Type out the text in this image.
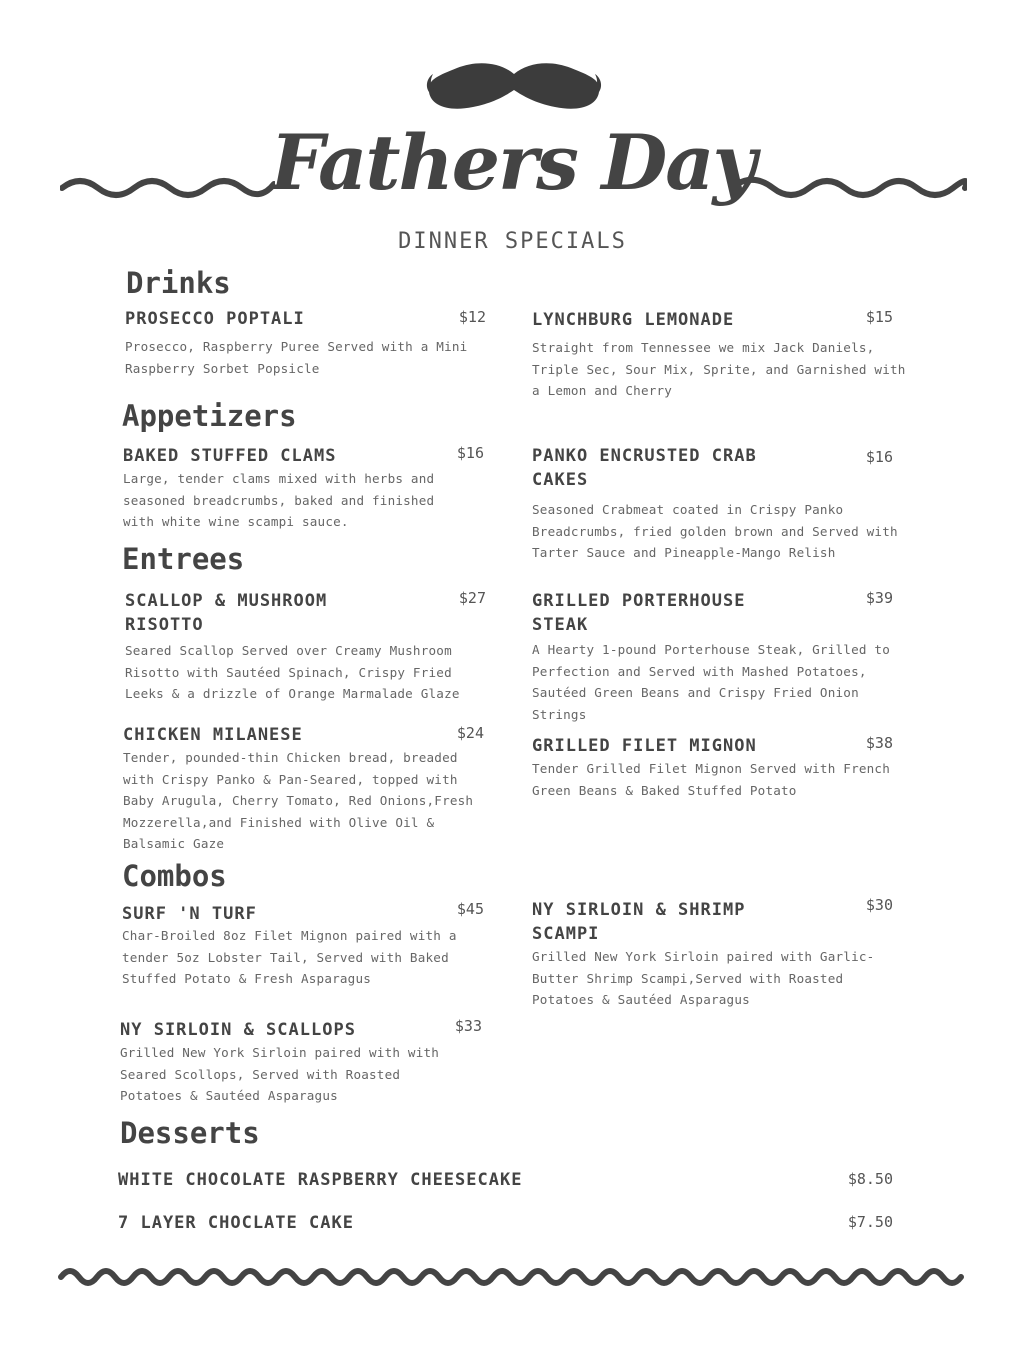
Fathers Day
DINNER SPECIALS
Drinks
PROSECCO POPTALI	$12
Prosecco, Raspberry Puree Served with a Mini Raspberry Sorbet Popsicle
LYNCHBURG LEMONADE	$15
Straight from Tennessee we mix Jack Daniels, Triple Sec, Sour Mix, Sprite, and Garnished with a Lemon and Cherry
Appetizers
BAKED STUFFED CLAMS	$16
Large, tender clams mixed with herbs and seasoned breadcrumbs, baked and finished with white wine scampi sauce.
PANKO ENCRUSTED CRAB CAKES
$16
Seasoned Crabmeat coated in Crispy Panko Breadcrumbs, fried golden brown and Served with Tarter Sauce and Pineapple-Mango Relish
Entrees
SCALLOP & MUSHROOM RISOTTO
$27
Seared Scallop Served over Creamy Mushroom Risotto with Sautéed Spinach, Crispy Fried Leeks & a drizzle of Orange Marmalade Glaze
GRILLED PORTERHOUSE STEAK
$39
A Hearty 1-pound Porterhouse Steak, Grilled to Perfection and Served with Mashed Potatoes, Sautéed Green Beans and Crispy Fried Onion Strings
CHICKEN MILANESE	$24
Tender, pounded-thin Chicken bread, breaded with Crispy Panko & Pan-Seared, topped with Baby Arugula, Cherry Tomato, Red Onions,Fresh Mozzerella,and Finished with Olive Oil & Balsamic Gaze
GRILLED FILET MIGNON	$38
Tender Grilled Filet Mignon Served with French Green Beans & Baked Stuffed Potato
Combos
SURF 'N TURF	$45
Char-Broiled 8oz Filet Mignon paired with a tender 5oz Lobster Tail, Served with Baked Stuffed Potato & Fresh Asparagus
NY SIRLOIN & SHRIMP SCAMPI
$30
Grilled New York Sirloin paired with Garlic-Butter Shrimp Scampi,Served with Roasted Potatoes & Sautéed Asparagus
NY SIRLOIN & SCALLOPS	$33
Grilled New York Sirloin paired with with Seared Scollops, Served with Roasted Potatoes & Sautéed Asparagus
Desserts
WHITE CHOCOLATE RASPBERRY CHEESECAKE	$8.50
7 LAYER CHOCLATE CAKE	$7.50
